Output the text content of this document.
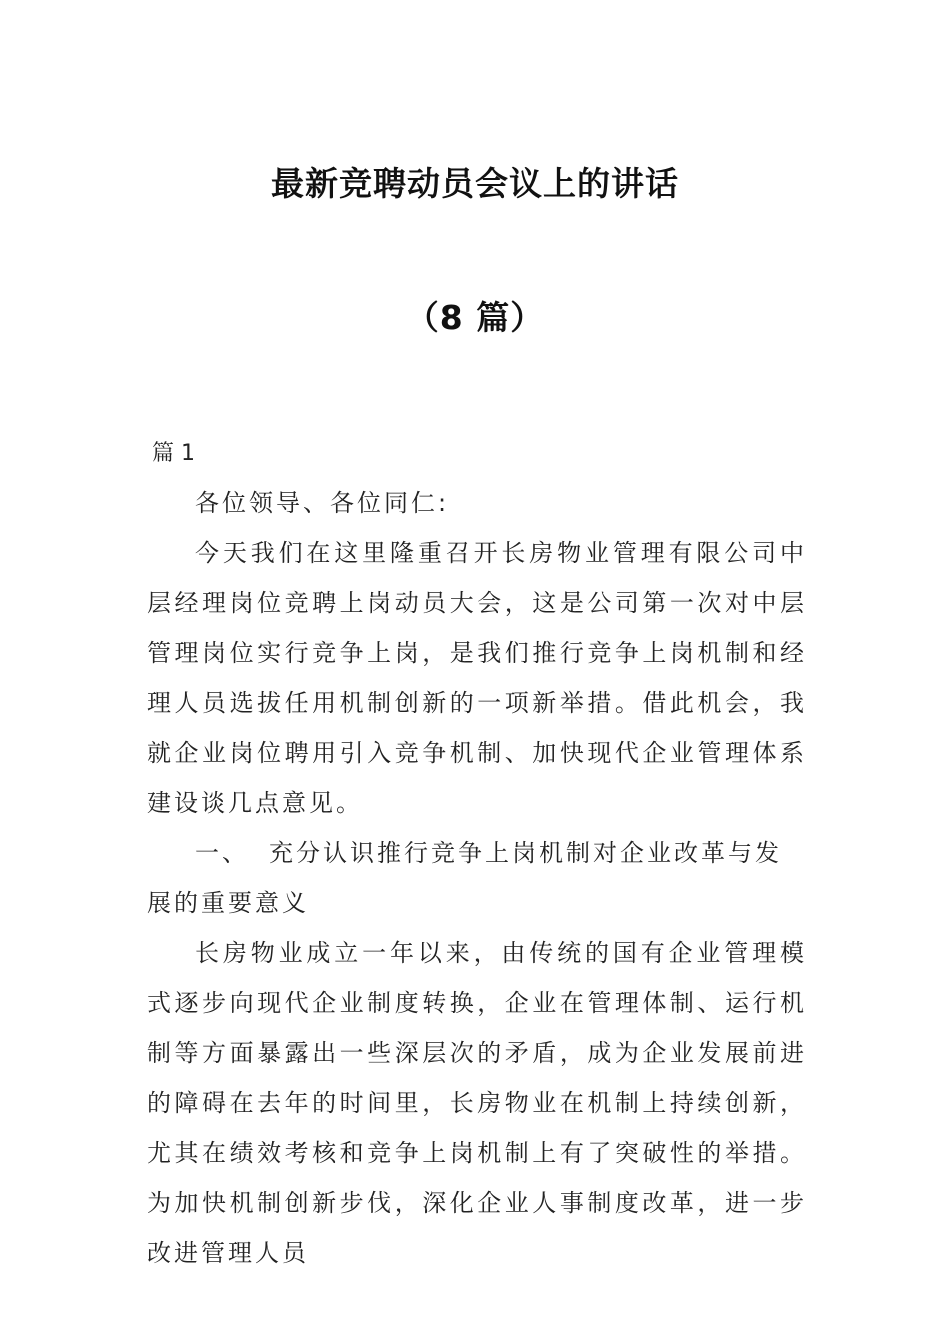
最新竞聘动员会议上的讲话
（8 篇）
篇 1

各位领导、各位同仁:

今天我们在这里隆重召开长房物业管理有限公司中层经理岗位竞聘上岗动员大会，这是公司第一次对中层管理岗位实行竞争上岗，是我们推行竞争上岗机制和经理人员选拔任用机制创新的一项新举措。借此机会，我就企业岗位聘用引入竞争机制、加快现代企业管理体系建设谈几点意见。

一、 充分认识推行竞争上岗机制对企业改革与发展的重要意义

长房物业成立一年以来，由传统的国有企业管理模式逐步向现代企业制度转换，企业在管理体制、运行机制等方面暴露出一些深层次的矛盾，成为企业发展前进的障碍在去年的时间里，长房物业在机制上持续创新，尤其在绩效考核和竞争上岗机制上有了突破性的举措。为加快机制创新步伐，深化企业人事制度改革，进一步改进管理人员
